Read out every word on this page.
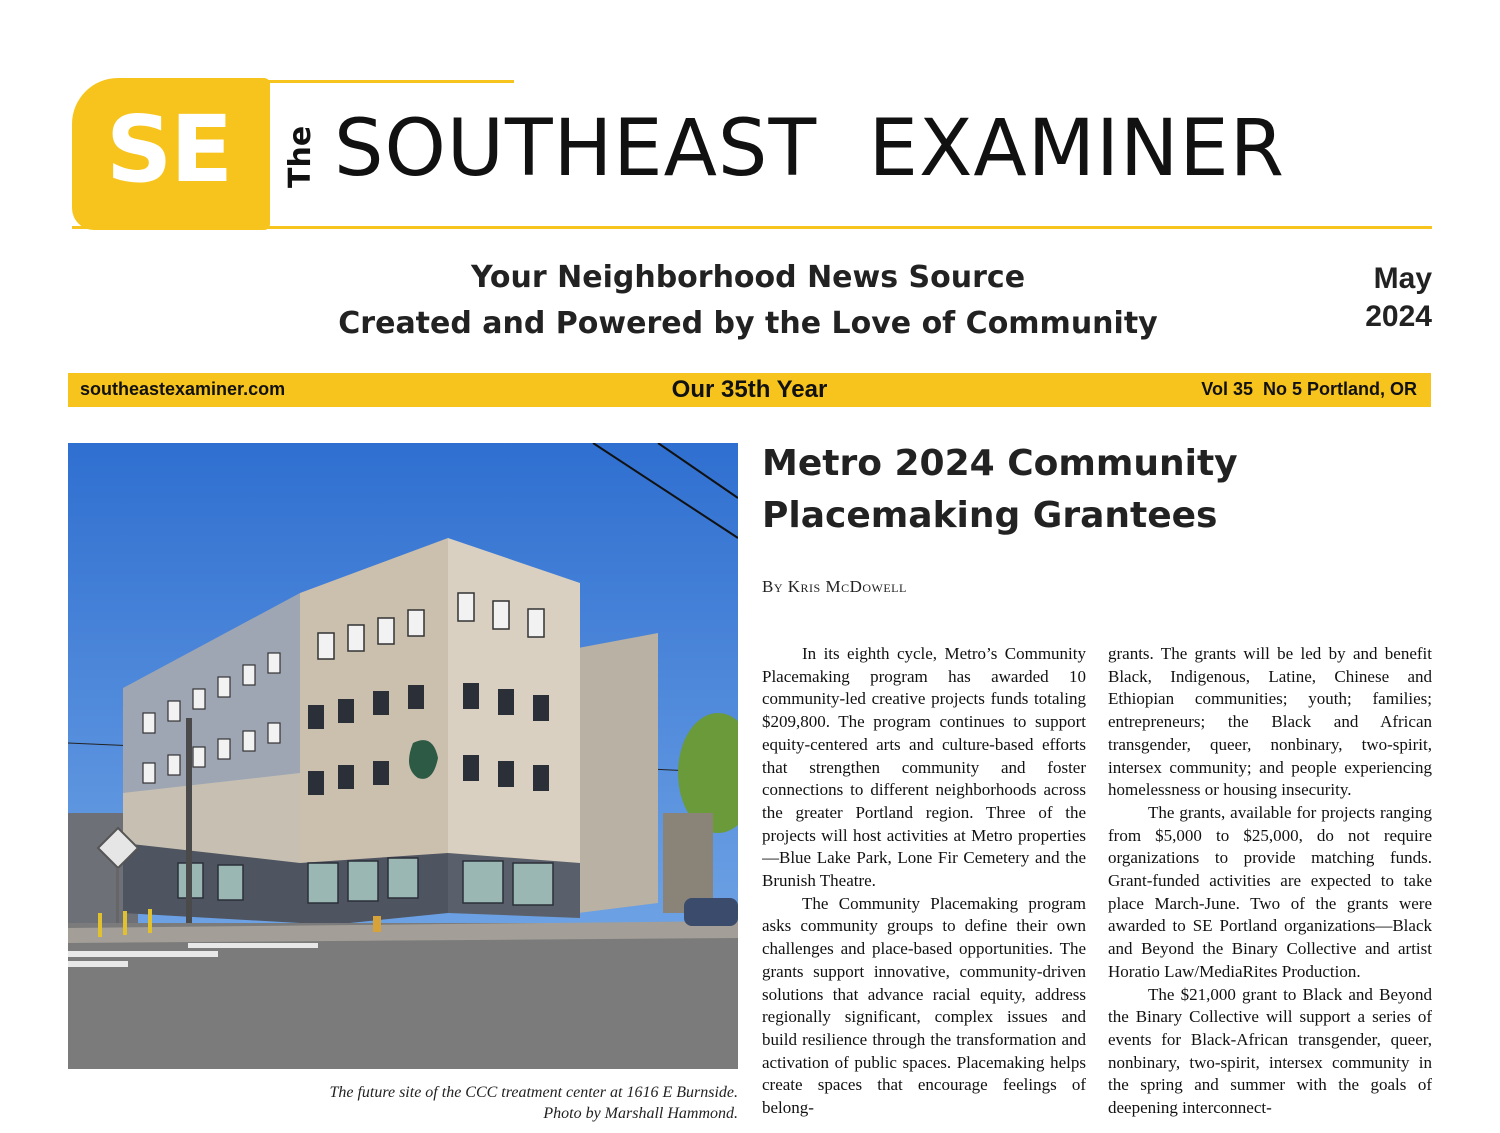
SE The SOUTHEAST  EXAMINER
Your Neighborhood News Source
Created and Powered by the Love of Community
May
2024
southeastexaminer.com	Our 35th Year	Vol 35  No 5 Portland, OR
The future site of the CCC treatment center at 1616 E Burnside.
Photo by Marshall Hammond.
Metro 2024 Community
Placemaking Grantees
By Kris McDowell

In its eighth cycle, Metro’s Community Placemaking program has awarded 10 community-led creative projects funds totaling $209,800. The program continues to support equity-centered arts and culture-based efforts that strengthen community and foster connections to different neighborhoods across the greater Portland region. Three of the projects will host activities at Metro properties—Blue Lake Park, Lone Fir Cemetery and the Brunish Theatre.

The Community Placemaking program asks community groups to define their own challenges and place-based opportunities. The grants support innovative, community-driven solutions that advance racial equity, address regionally significant, complex issues and build resilience through the transformation and activation of public spaces. Placemaking helps create spaces that encourage feelings of belong-

grants. The grants will be led by and benefit Black, Indigenous, Latine, Chinese and Ethiopian communities; youth; families; entrepreneurs; the Black and African transgender, queer, nonbinary, two-spirit, intersex community; and people experiencing homelessness or housing insecurity.

The grants, available for projects ranging from $5,000 to $25,000, do not require organizations to provide matching funds. Grant-funded activities are expected to take place March-June. Two of the grants were awarded to SE Portland organizations—Black and Beyond the Binary Collective and artist Horatio Law/MediaRites Production.

The $21,000 grant to Black and Beyond the Binary Collective will support a series of events for Black-African transgender, queer, nonbinary, two-spirit, intersex community in the spring and summer with the goals of deepening interconnect-
